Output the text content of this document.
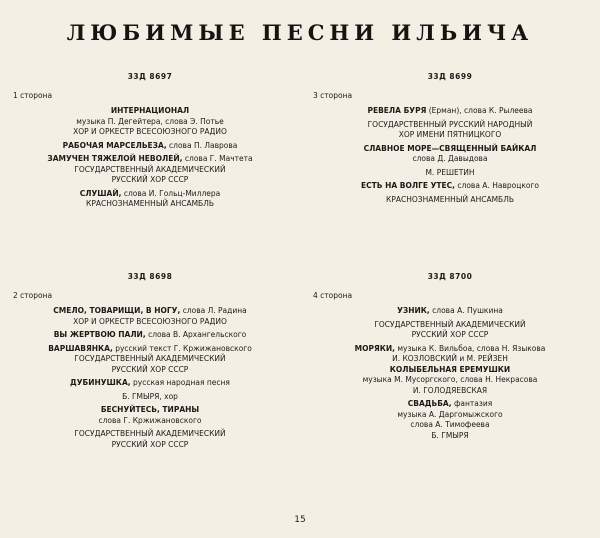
ЛЮБИМЫЕ ПЕСНИ ИЛЬИЧА
33Д 8697
1 сторона
ИНТЕРНАЦИОНАЛ
музыка П. Дегейтера, слова Э. Потье
ХОР И ОРКЕСТР ВСЕСОЮЗНОГО РАДИО
РАБОЧАЯ МАРСЕЛЬЕЗА, слова П. Лаврова
ЗАМУЧЕН ТЯЖЕЛОЙ НЕВОЛЕЙ, слова Г. Мачтета
ГОСУДАРСТВЕННЫЙ АКАДЕМИЧЕСКИЙ
РУССКИЙ ХОР СССР
СЛУШАЙ, слова И. Гольц-Миллера
КРАСНОЗНАМЕННЫЙ АНСАМБЛЬ
33Д 8699
3 сторона
РЕВЕЛА БУРЯ (Ерман), слова К. Рылеева
ГОСУДАРСТВЕННЫЙ РУССКИЙ НАРОДНЫЙ
ХОР ИМЕНИ ПЯТНИЦКОГО
СЛАВНОЕ МОРЕ—СВЯЩЕННЫЙ БАЙКАЛ
слова Д. Давыдова
М. РЕШЕТИН
ЕСТЬ НА ВОЛГЕ УТЕС, слова А. Навроцкого
КРАСНОЗНАМЕННЫЙ АНСАМБЛЬ
33Д 8698
2 сторона
СМЕЛО, ТОВАРИЩИ, В НОГУ, слова Л. Радина
ХОР И ОРКЕСТР ВСЕСОЮЗНОГО РАДИО
ВЫ ЖЕРТВОЮ ПАЛИ, слова В. Архангельского
ВАРШАВЯНКА, русский текст Г. Кржижановского
ГОСУДАРСТВЕННЫЙ АКАДЕМИЧЕСКИЙ
РУССКИЙ ХОР СССР
ДУБИНУШКА, русская народная песня
Б. ГМЫРЯ, хор
БЕСНУЙТЕСЬ, ТИРАНЫ
слова Г. Кржижановского
ГОСУДАРСТВЕННЫЙ АКАДЕМИЧЕСКИЙ
РУССКИЙ ХОР СССР
33Д 8700
4 сторона
УЗНИК, слова А. Пушкина
ГОСУДАРСТВЕННЫЙ АКАДЕМИЧЕСКИЙ
РУССКИЙ ХОР СССР
МОРЯКИ, музыка К. Вильбоа, слова Н. Языкова
И. КОЗЛОВСКИЙ и М. РЕЙЗЕН
КОЛЫБЕЛЬНАЯ ЕРЕМУШКИ
музыка М. Мусоргского, слова Н. Некрасова
И. ГОЛОДЯЕВСКАЯ
СВАДЬБА, фантазия
музыка А. Даргомыжского
слова А. Тимофеева
Б. ГМЫРЯ
15
